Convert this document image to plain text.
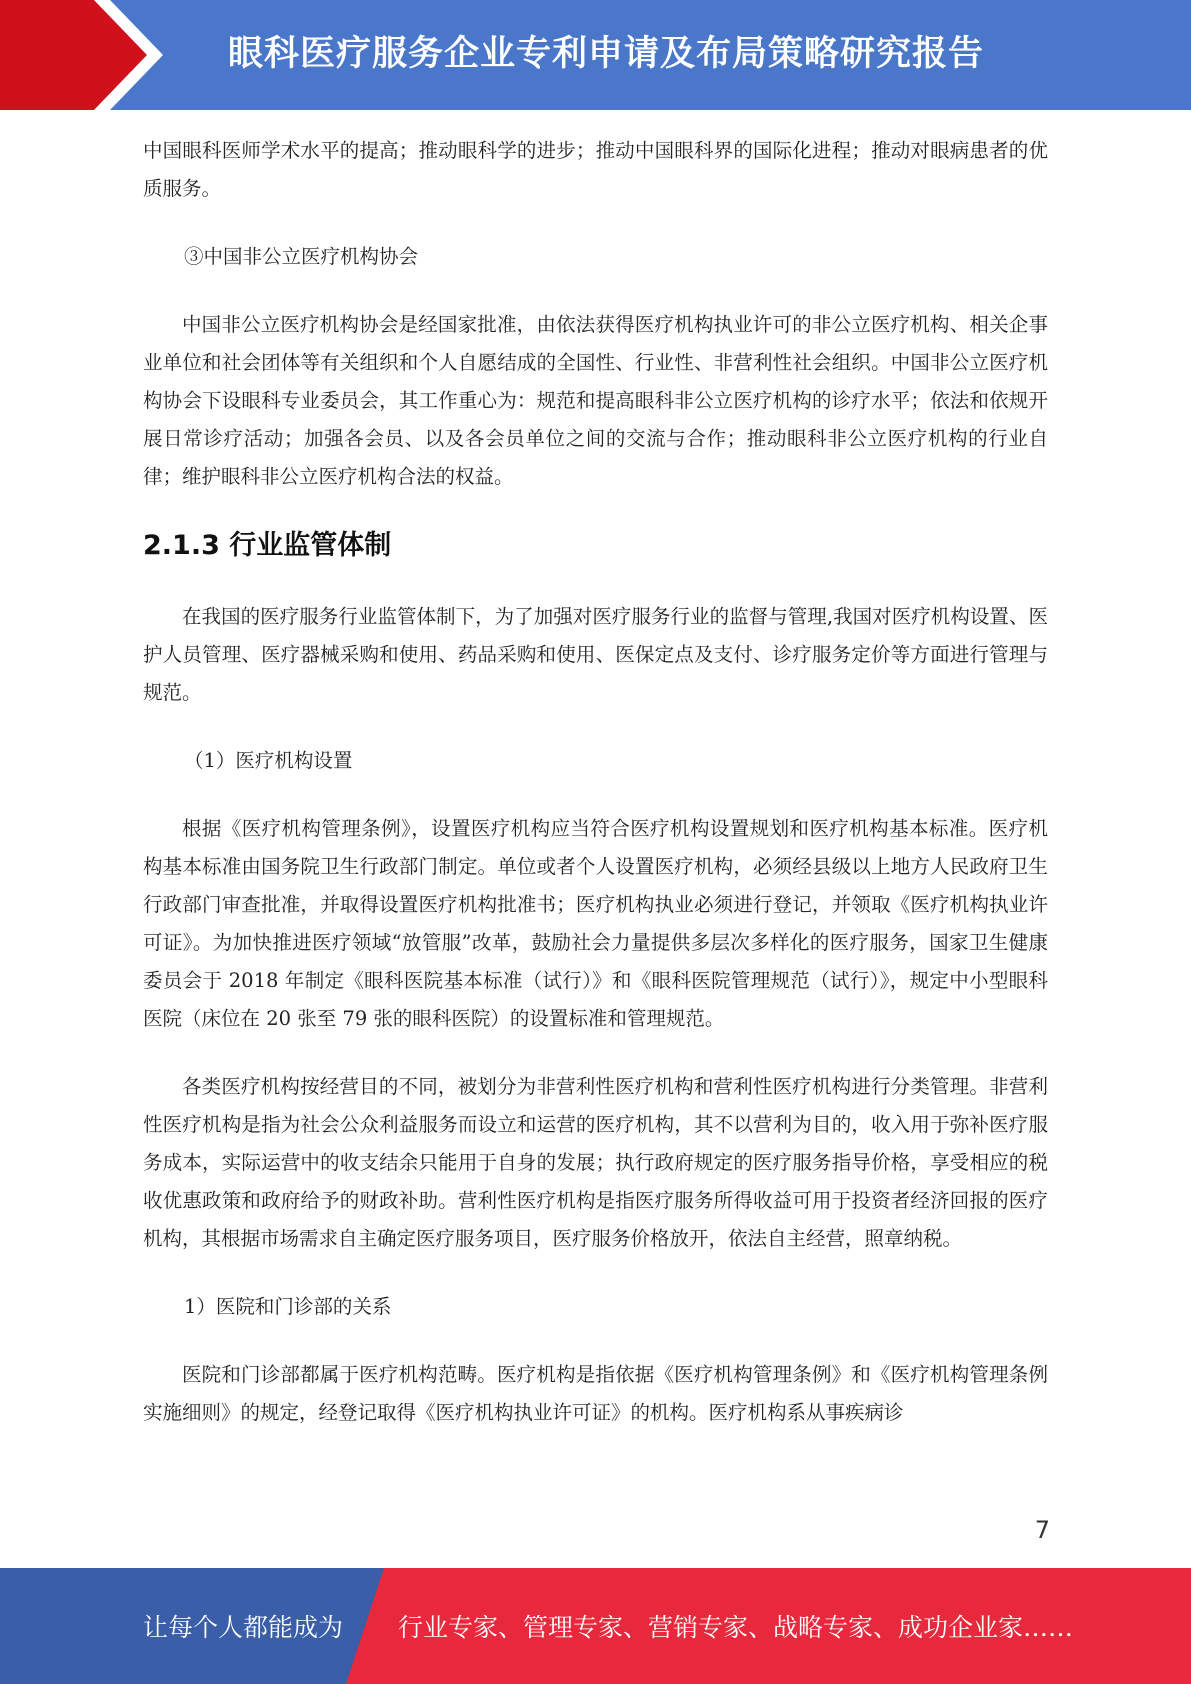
眼科医疗服务企业专利申请及布局策略研究报告

中国眼科医师学术水平的提高；推动眼科学的进步；推动中国眼科界的国际化进程；推动对眼病患者的优质服务。

③中国非公立医疗机构协会

中国非公立医疗机构协会是经国家批准，由依法获得医疗机构执业许可的非公立医疗机构、相关企事业单位和社会团体等有关组织和个人自愿结成的全国性、行业性、非营利性社会组织。中国非公立医疗机构协会下设眼科专业委员会，其工作重心为：规范和提高眼科非公立医疗机构的诊疗水平；依法和依规开展日常诊疗活动；加强各会员、以及各会员单位之间的交流与合作；推动眼科非公立医疗机构的行业自律；维护眼科非公立医疗机构合法的权益。

2.1.3 行业监管体制

在我国的医疗服务行业监管体制下，为了加强对医疗服务行业的监督与管理,我国对医疗机构设置、医护人员管理、医疗器械采购和使用、药品采购和使用、医保定点及支付、诊疗服务定价等方面进行管理与规范。

（1）医疗机构设置

根据《医疗机构管理条例》，设置医疗机构应当符合医疗机构设置规划和医疗机构基本标准。医疗机构基本标准由国务院卫生行政部门制定。单位或者个人设置医疗机构，必须经县级以上地方人民政府卫生行政部门审查批准，并取得设置医疗机构批准书；医疗机构执业必须进行登记，并领取《医疗机构执业许可证》。为加快推进医疗领域“放管服”改革，鼓励社会力量提供多层次多样化的医疗服务，国家卫生健康委员会于 2018 年制定《眼科医院基本标准（试行）》和《眼科医院管理规范（试行）》，规定中小型眼科医院（床位在 20 张至 79 张的眼科医院）的设置标准和管理规范。

各类医疗机构按经营目的不同，被划分为非营利性医疗机构和营利性医疗机构进行分类管理。非营利性医疗机构是指为社会公众利益服务而设立和运营的医疗机构，其不以营利为目的，收入用于弥补医疗服务成本，实际运营中的收支结余只能用于自身的发展；执行政府规定的医疗服务指导价格，享受相应的税收优惠政策和政府给予的财政补助。营利性医疗机构是指医疗服务所得收益可用于投资者经济回报的医疗机构，其根据市场需求自主确定医疗服务项目，医疗服务价格放开，依法自主经营，照章纳税。

1）医院和门诊部的关系

医院和门诊部都属于医疗机构范畴。医疗机构是指依据《医疗机构管理条例》和《医疗机构管理条例实施细则》的规定，经登记取得《医疗机构执业许可证》的机构。医疗机构系从事疾病诊

7
让每个人都能成为 行业专家、管理专家、营销专家、战略专家、成功企业家……
